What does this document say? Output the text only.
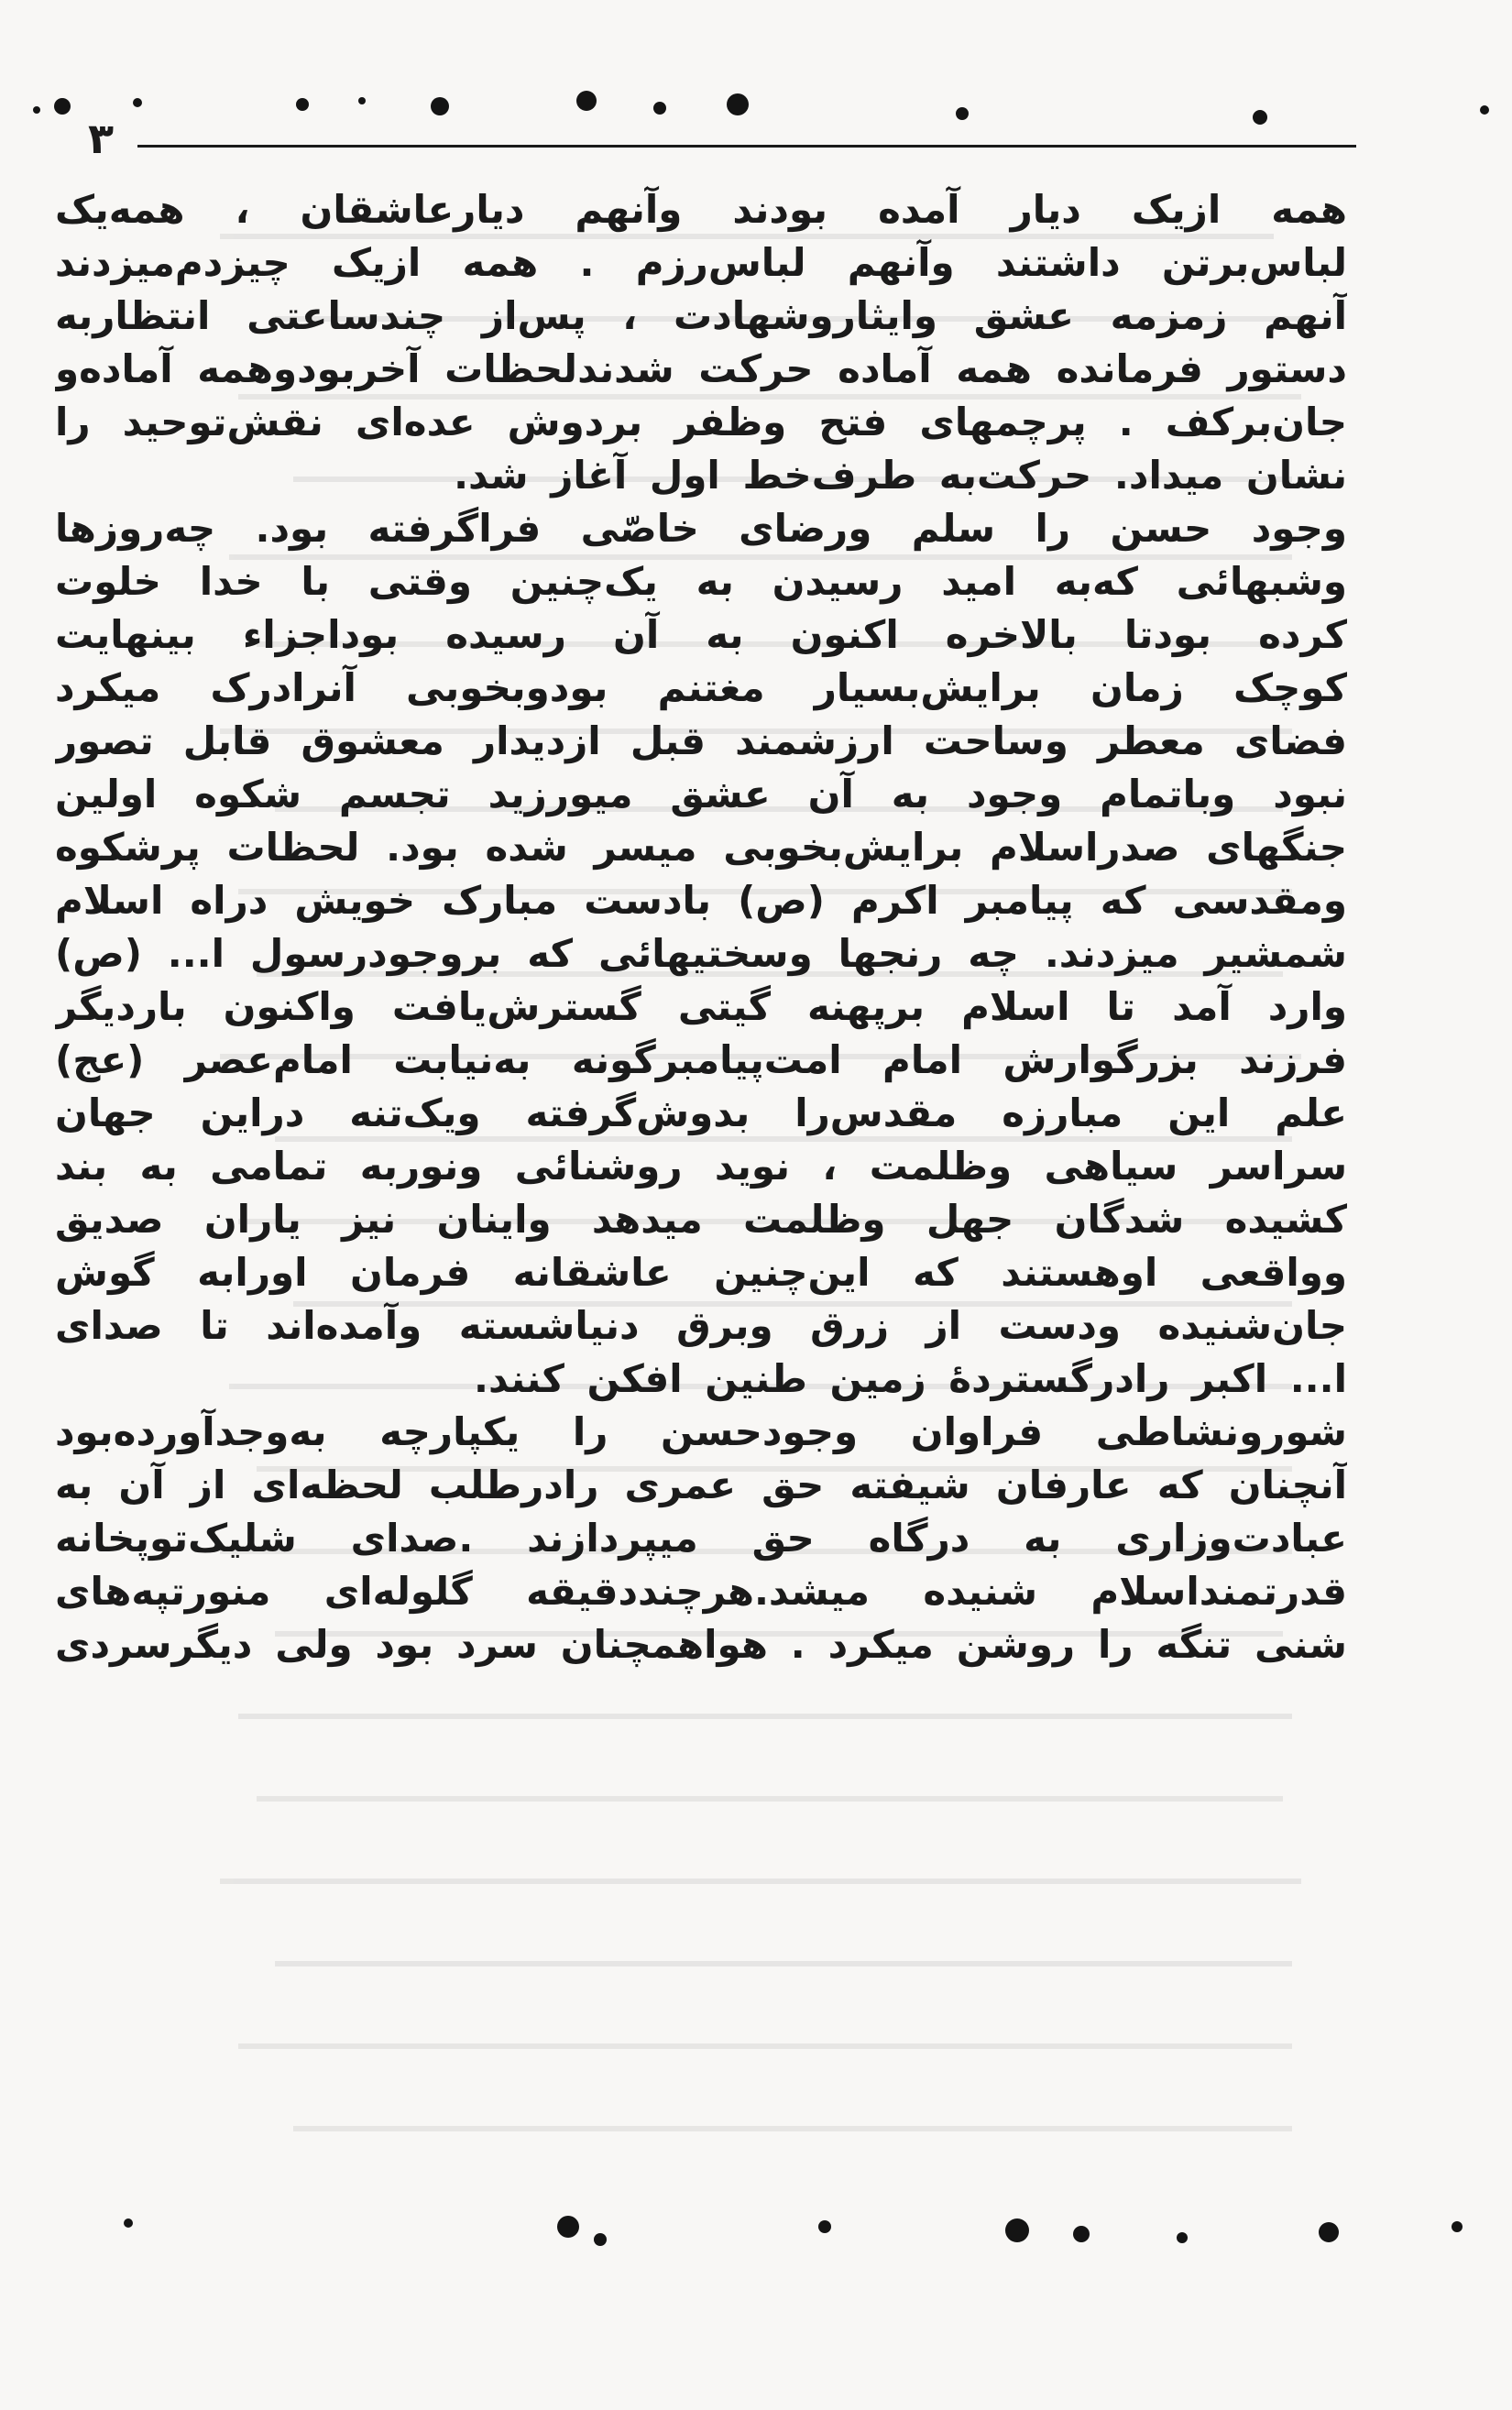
۳
همه ازیک دیار آمده بودند وآنهم دیارعاشقان ، همه‌یک
لباس‌برتن داشتند وآنهم لباس‌رزم . همه ازیک چیزدم‌میزدند
آنهم زمزمه عشق وایثاروشهادت ، پس‌از چندساعتی انتظاربه
دستور فرمانده همه آماده حرکت شدندلحظات آخربودوهمه آماده‌و
جان‌برکف . پرچمهای فتح وظفر بردوش عده‌ای نقش‌توحید را
نشان میداد. حرکت‌به طرف‌خط اول آغاز شد.
وجود حسن را سلم ورضای خاصّی فراگرفته بود. چه‌روزها
وشبهائی که‌به امید رسیدن به یک‌چنین وقتی با خدا خلوت
کرده بودتا بالاخره اکنون به آن رسیده بوداجزاء بینهایت
کوچک زمان برایش‌بسیار مغتنم بودوبخوبی آنرادرک میکرد
فضای معطر وساحت ارزشمند قبل ازدیدار معشوق قابل تصور
نبود وباتمام وجود به آن عشق میورزید تجسم شکوه اولین
جنگهای صدراسلام برایش‌بخوبی میسر شده بود. لحظات پرشکوه
ومقدسی که پیامبر اکرم (ص) بادست مبارک خویش دراه اسلام
شمشیر میزدند. چه رنجها وسختیهائی که بروجودرسول ا... (ص)
وارد آمد تا اسلام برپهنه گیتی گسترش‌یافت واکنون باردیگر
فرزند بزرگوارش امام امت‌پیامبرگونه به‌نیابت امام‌عصر (عج)
علم این مبارزه مقدس‌را بدوش‌گرفته ویک‌تنه دراین جهان
سراسر سیاهی وظلمت ، نوید روشنائی ونوربه تمامی به بند
کشیده شدگان جهل وظلمت میدهد واینان نیز یاران صدیق
وواقعی اوهستند که این‌چنین عاشقانه فرمان اورابه گوش
جان‌شنیده ودست از زرق وبرق دنیاشسته وآمده‌اند تا صدای
ا... اکبر رادرگستردهٔ زمین طنین افکن کنند.
شورونشاطی فراوان وجودحسن را یکپارچه به‌وجدآورده‌بود
آنچنان که عارفان شیفته حق عمری رادرطلب لحظه‌ای از آن به
عبادت‌وزاری به درگاه حق میپردازند .صدای شلیک‌توپخانه
قدرتمنداسلام شنیده میشد.هرچنددقیقه گلوله‌ای منورتپه‌های
شنی تنگه را روشن میکرد . هواهمچنان سرد بود ولی دیگرسردی
